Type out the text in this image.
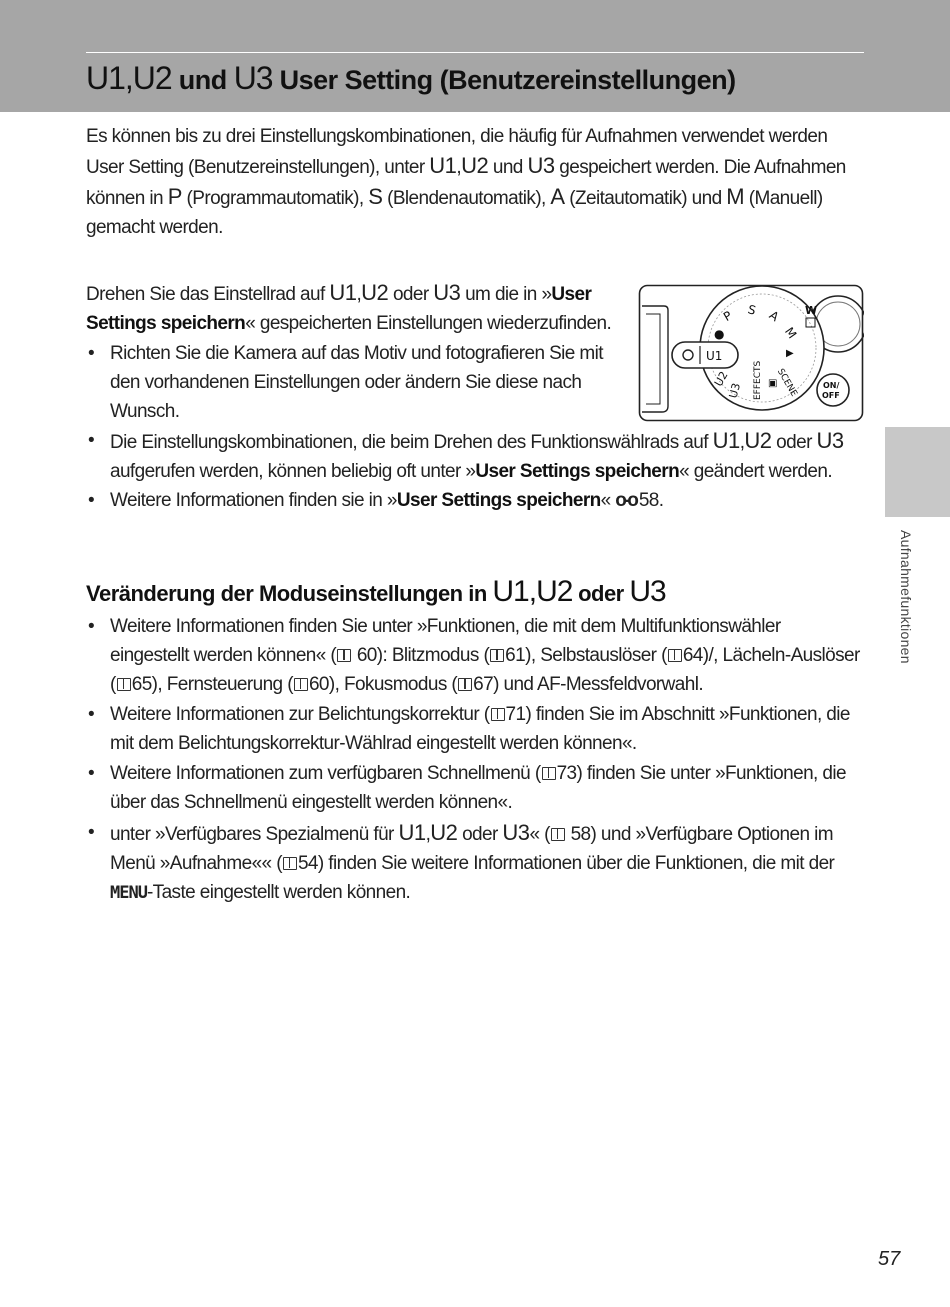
U1,U2 und U3 User Setting (Benutzereinstellungen)

Es können bis zu drei Einstellungskombinationen, die häufig für Aufnahmen verwendet werden User Setting (Benutzereinstellungen), unter U1,U2 und U3 gespeichert werden. Die Aufnahmen können in P (Programmautomatik), S (Blendenautomatik), A (Zeitautomatik) und M (Manuell) gemacht werden.

Drehen Sie das Einstellrad auf U1,U2 oder U3 um die in »User Settings speichern« gespeicherten Einstellungen wiederzufinden.

• Richten Sie die Kamera auf das Motiv und fotografieren Sie mit den vorhandenen Einstellungen oder ändern Sie diese nach Wunsch.
• Die Einstellungskombinationen, die beim Drehen des Funktionswählrads auf U1,U2 oder U3 aufgerufen werden, können beliebig oft unter »User Settings speichern« geändert werden.
• Weitere Informationen finden sie in »User Settings speichern« o-o 58.
Veränderung der Moduseinstellungen in U1,U2 oder U3
• Weitere Informationen finden Sie unter »Funktionen, die mit dem Multifunktionswähler eingestellt werden können« ( 60): Blitzmodus ( 61), Selbstauslöser ( 64)/, Lächeln-Auslöser ( 65), Fernsteuerung ( 60), Fokusmodus ( 67) und AF-Messfeldvorwahl.
• Weitere Informationen zur Belichtungskorrektur ( 71) finden Sie im Abschnitt »Funktionen, die mit dem Belichtungskorrektur-Wählrad eingestellt werden können«.
• Weitere Informationen zum verfügbaren Schnellmenü ( 73) finden Sie unter »Funktionen, die über das Schnellmenü eingestellt werden können«.
• unter »Verfügbares Spezialmenü für U1,U2 oder U3« ( 58) und »Verfügbare Optionen im Menü »Aufnahme«« ( 54) finden Sie weitere Informationen über die Funktionen, die mit der MENU-Taste eingestellt werden können.
U1
U2
U3 EFFECTS SCENE
●
P S A
M
▶
▣
W
ON/
OFF
Aufnahmefunktionen
57
